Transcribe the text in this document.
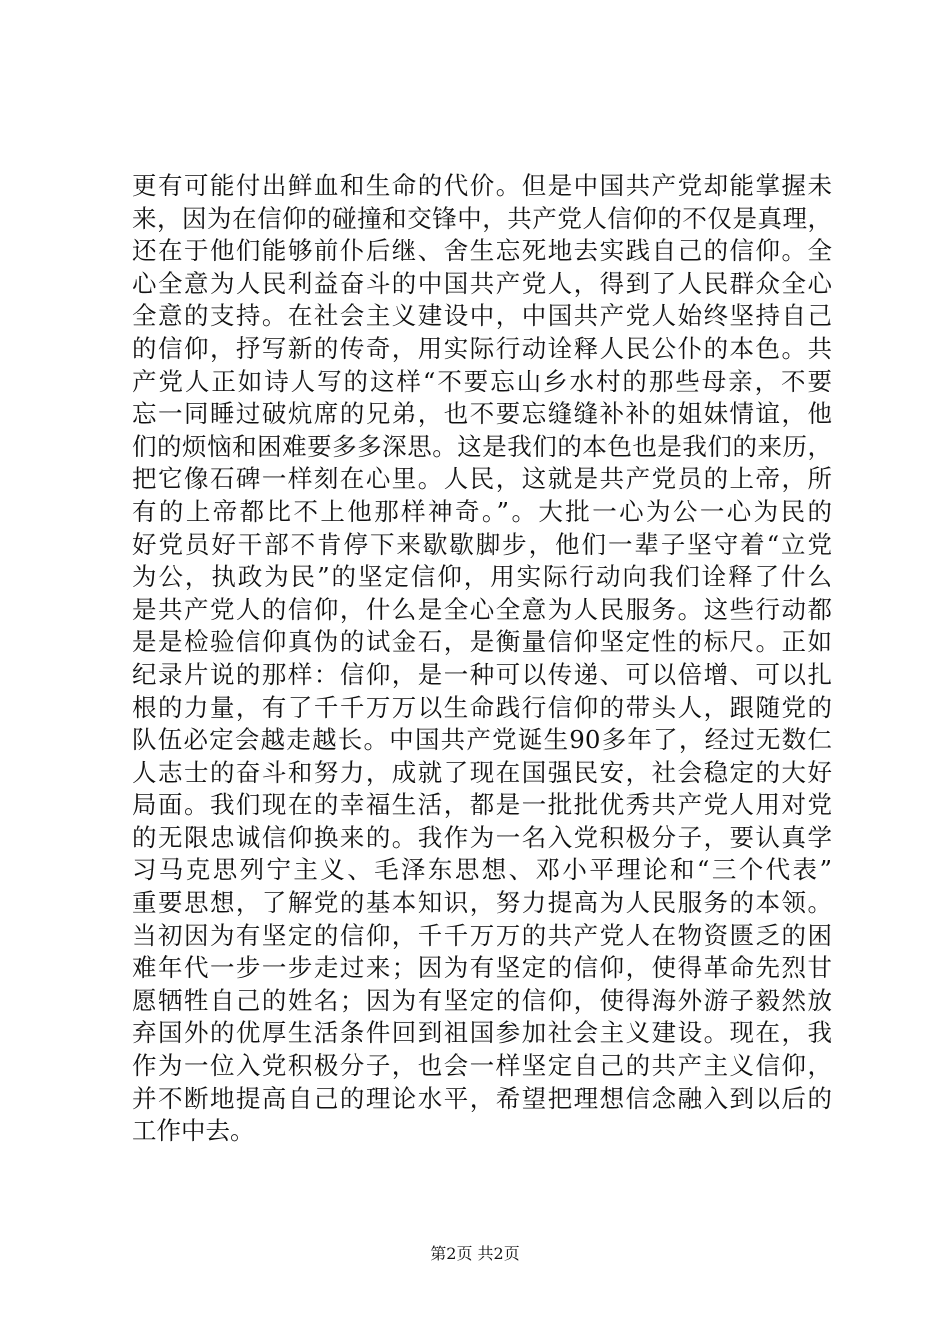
更有可能付出鲜血和生命的代价。但是中国共产党却能掌握未
来，因为在信仰的碰撞和交锋中，共产党人信仰的不仅是真理，
还在于他们能够前仆后继、舍生忘死地去实践自己的信仰。全
心全意为人民利益奋斗的中国共产党人，得到了人民群众全心
全意的支持。在社会主义建设中，中国共产党人始终坚持自己
的信仰，抒写新的传奇，用实际行动诠释人民公仆的本色。共
产党人正如诗人写的这样“不要忘山乡水村的那些母亲，不要
忘一同睡过破炕席的兄弟，也不要忘缝缝补补的姐妹情谊，他
们的烦恼和困难要多多深思。这是我们的本色也是我们的来历，
把它像石碑一样刻在心里。人民，这就是共产党员的上帝，所
有的上帝都比不上他那样神奇。”。大批一心为公一心为民的
好党员好干部不肯停下来歇歇脚步，他们一辈子坚守着“立党
为公，执政为民”的坚定信仰，用实际行动向我们诠释了什么
是共产党人的信仰，什么是全心全意为人民服务。这些行动都
是是检验信仰真伪的试金石，是衡量信仰坚定性的标尺。正如
纪录片说的那样：信仰，是一种可以传递、可以倍增、可以扎
根的力量，有了千千万万以生命践行信仰的带头人，跟随党的
队伍必定会越走越长。中国共产党诞生90多年了，经过无数仁
人志士的奋斗和努力，成就了现在国强民安，社会稳定的大好
局面。我们现在的幸福生活，都是一批批优秀共产党人用对党
的无限忠诚信仰换来的。我作为一名入党积极分子，要认真学
习马克思列宁主义、毛泽东思想、邓小平理论和“三个代表”
重要思想，了解党的基本知识，努力提高为人民服务的本领。
当初因为有坚定的信仰，千千万万的共产党人在物资匮乏的困
难年代一步一步走过来；因为有坚定的信仰，使得革命先烈甘
愿牺牲自己的姓名；因为有坚定的信仰，使得海外游子毅然放
弃国外的优厚生活条件回到祖国参加社会主义建设。现在，我
作为一位入党积极分子，也会一样坚定自己的共产主义信仰，
并不断地提高自己的理论水平，希望把理想信念融入到以后的
工作中去。
第2页 共2页
